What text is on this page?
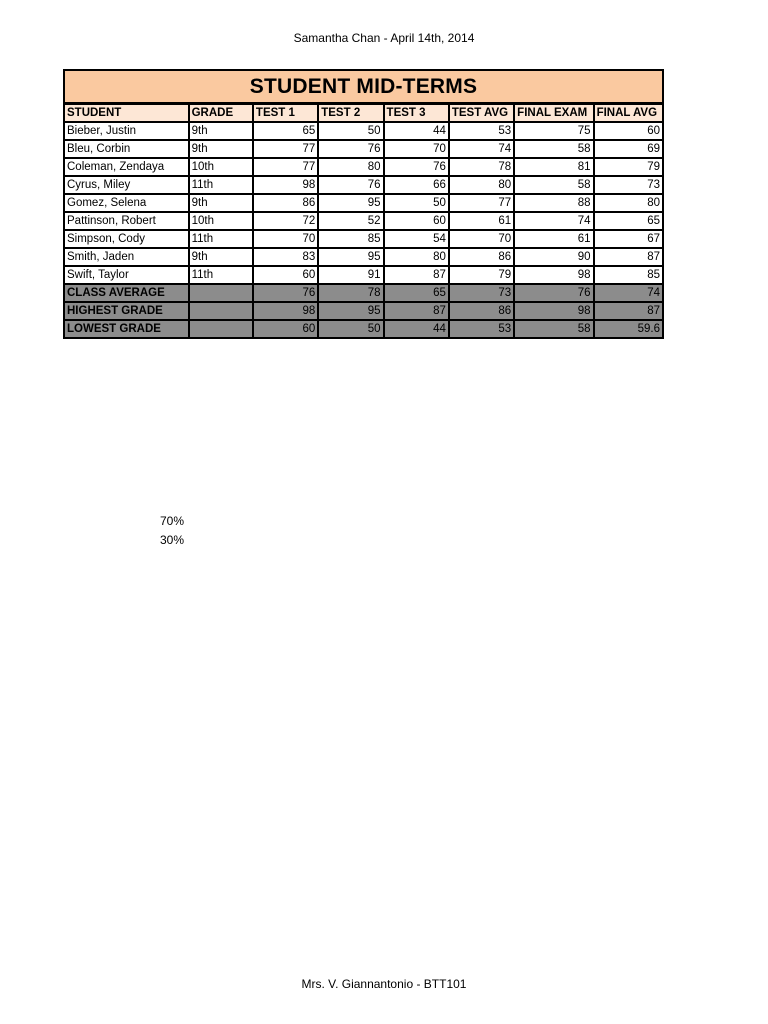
Samantha Chan - April 14th, 2014
STUDENT MID-TERMS
STUDENT	GRADE	TEST 1	TEST 2	TEST 3	TEST AVG	FINAL EXAM	FINAL AVG
Bieber, Justin	9th	65	50	44	53	75	60
Bleu, Corbin	9th	77	76	70	74	58	69
Coleman, Zendaya	10th	77	80	76	78	81	79
Cyrus, Miley	11th	98	76	66	80	58	73
Gomez, Selena	9th	86	95	50	77	88	80
Pattinson, Robert	10th	72	52	60	61	74	65
Simpson, Cody	11th	70	85	54	70	61	67
Smith, Jaden	9th	83	95	80	86	90	87
Swift, Taylor	11th	60	91	87	79	98	85
CLASS AVERAGE		76	78	65	73	76	74
HIGHEST GRADE		98	95	87	86	98	87
LOWEST GRADE		60	50	44	53	58	59.6
70%
30%
Mrs. V. Giannantonio - BTT101
